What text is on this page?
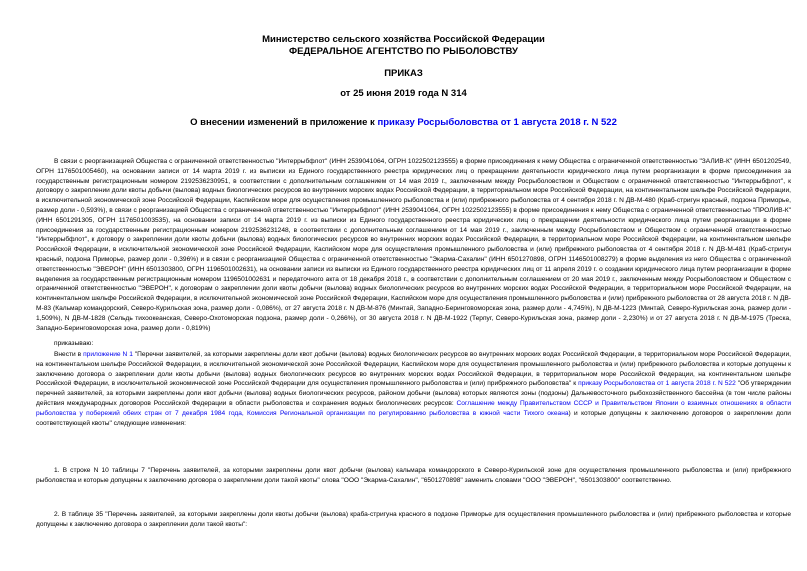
Министерство сельского хозяйства Российской Федерации
ФЕДЕРАЛЬНОЕ АГЕНТСТВО ПО РЫБОЛОВСТВУ
ПРИКАЗ
от 25 июня 2019 года N 314
О внесении изменений в приложение к приказу Росрыболовства от 1 августа 2018 г. N 522

В связи с реорганизацией Общества с ограниченной ответственностью "Интеррыбфлот" (ИНН 2539041064, ОГРН 1022502123555) в форме присоединения к нему Общества с ограниченной ответственностью "ЗАЛИВ-К" (ИНН 6501202549, ОГРН 1176501005460), на основании записи от 14 марта 2019 г. из выписки из Единого государственного реестра юридических лиц о прекращении деятельности юридического лица путем реорганизации в форме присоединения за государственным регистрационным номером 2192536230951, в соответствии с дополнительным соглашением от 14 мая 2019 г., заключенным между Росрыболовством и Обществом с ограниченной ответственностью "Интеррыбфлот", к договору о закреплении доли квоты добычи (вылова) водных биологических ресурсов во внутренних морских водах Российской Федерации, в территориальном море Российской Федерации, на континентальном шельфе Российской Федерации, в исключительной экономической зоне Российской Федерации, Каспийском море для осуществления промышленного рыболовства и (или) прибрежного рыболовства от 4 сентября 2018 г. N ДВ-М-480 (Краб-стригун красный, подзона Приморье, размер доли - 0,593%), в связи с реорганизацией Общества с ограниченной ответственностью "Интеррыбфлот" (ИНН 2539041064, ОГРН 1022502123555) в форме присоединения к нему Общества с ограниченной ответственностью "ПРОЛИВ-К" (ИНН 6501291305, ОГРН 1176501003535), на основании записи от 14 марта 2019 г. из выписки из Единого государственного реестра юридических лиц о прекращении деятельности юридического лица путем реорганизации в форме присоединения за государственным регистрационным номером 2192536231248, в соответствии с дополнительным соглашением от 14 мая 2019 г., заключенным между Росрыболовством и Обществом с ограниченной ответственностью "Интеррыбфлот", к договору о закреплении доли квоты добычи (вылова) водных биологических ресурсов во внутренних морских водах Российской Федерации, в территориальном море Российской Федерации, на континентальном шельфе Российской Федерации, в исключительной экономической зоне Российской Федерации, Каспийском море для осуществления промышленного рыболовства и (или) прибрежного рыболовства от 4 сентября 2018 г. N ДВ-М-481 (Краб-стригун красный, подзона Приморье, размер доли - 0,396%) и в связи с реорганизацией Общества с ограниченной ответственностью "Экарма-Сахалин" (ИНН 6501270898, ОГРН 1146501008279) в форме выделения из него Общества с ограниченной ответственностью "ЭВЕРОН" (ИНН 6501303800, ОГРН 1196501002631), на основании записи из выписки из Единого государственного реестра юридических лиц от 11 апреля 2019 г. о создании юридического лица путем реорганизации в форме выделения за государственным регистрационным номером 1196501002631 и передаточного акта от 18 декабря 2018 г., в соответствии с дополнительным соглашением от 20 мая 2019 г., заключенным между Росрыболовством и Обществом с ограниченной ответственностью "ЭВЕРОН", к договорам о закреплении доли квоты добычи (вылова) водных биологических ресурсов во внутренних морских водах Российской Федерации, в территориальном море Российской Федерации, на континентальном шельфе Российской Федерации, в исключительной экономической зоне Российской Федерации, Каспийском море для осуществления промышленного рыболовства и (или) прибрежного рыболовства от 28 августа 2018 г. N ДВ-М-83 (Кальмар командорский, Северо-Курильская зона, размер доли - 0,086%), от 27 августа 2018 г. N ДВ-М-876 (Минтай, Западно-Беринговоморская зона, размер доли - 4,745%), N ДВ-М-1223 (Минтай, Северо-Курильская зона, размер доли - 1,509%), N ДВ-М-1828 (Сельдь тихоокеанская, Северо-Охотоморская подзона, размер доли - 0,266%), от 30 августа 2018 г. N ДВ-М-1922 (Терпуг, Северо-Курильская зона, размер доли - 2,230%) и от 27 августа 2018 г. N ДВ-М-1975 (Треска, Западно-Беринговоморская зона, размер доли - 0,819%)

приказываю:

Внести в приложение N 1 "Перечни заявителей, за которыми закреплены доли квот добычи (вылова) водных биологических ресурсов во внутренних морских водах Российской Федерации, в территориальном море Российской Федерации, на континентальном шельфе Российской Федерации, в исключительной экономической зоне Российской Федерации, Каспийском море для осуществления промышленного рыболовства и (или) прибрежного рыболовства и которые допущены к заключению договора о закреплении доли квоты добычи (вылова) водных биологических ресурсов во внутренних морских водах Российской Федерации, в территориальном море Российской Федерации, на континентальном шельфе Российской Федерации, в исключительной экономической зоне Российской Федерации для осуществления промышленного рыболовства и (или) прибрежного рыболовства" к приказу Росрыболовства от 1 августа 2018 г. N 522 "Об утверждении перечней заявителей, за которыми закреплены доли квот добычи (вылова) водных биологических ресурсов, районом добычи (вылова) которых являются зоны (подзоны) Дальневосточного рыбохозяйственного бассейна (в том числе районы действия международных договоров Российской Федерации в области рыболовства и сохранения водных биологических ресурсов: Соглашение между Правительством СССР и Правительством Японии о взаимных отношениях в области рыболовства у побережий обеих стран от 7 декабря 1984 года, Комиссия Региональной организации по регулированию рыболовства в южной части Тихого океана) и которые допущены к заключению договоров о закреплении доли соответствующей квоты" следующие изменения:

1. В строке N 10 таблицы 7 "Перечень заявителей, за которыми закреплены доли квот добычи (вылова) кальмара командорского в Северо-Курильской зоне для осуществления промышленного рыболовства и (или) прибрежного рыболовства и которые допущены к заключению договора о закреплении доли такой квоты" слова "ООО "Экарма-Сахалин", "6501270898" заменить словами "ООО "ЭВЕРОН", "6501303800" соответственно.

2. В таблице 35 "Перечень заявителей, за которыми закреплены доли квоты добычи (вылова) краба-стригуна красного в подзоне Приморье для осуществления промышленного рыболовства и (или) прибрежного рыболовства и которые допущены к заключению договора о закреплении доли такой квоты":
